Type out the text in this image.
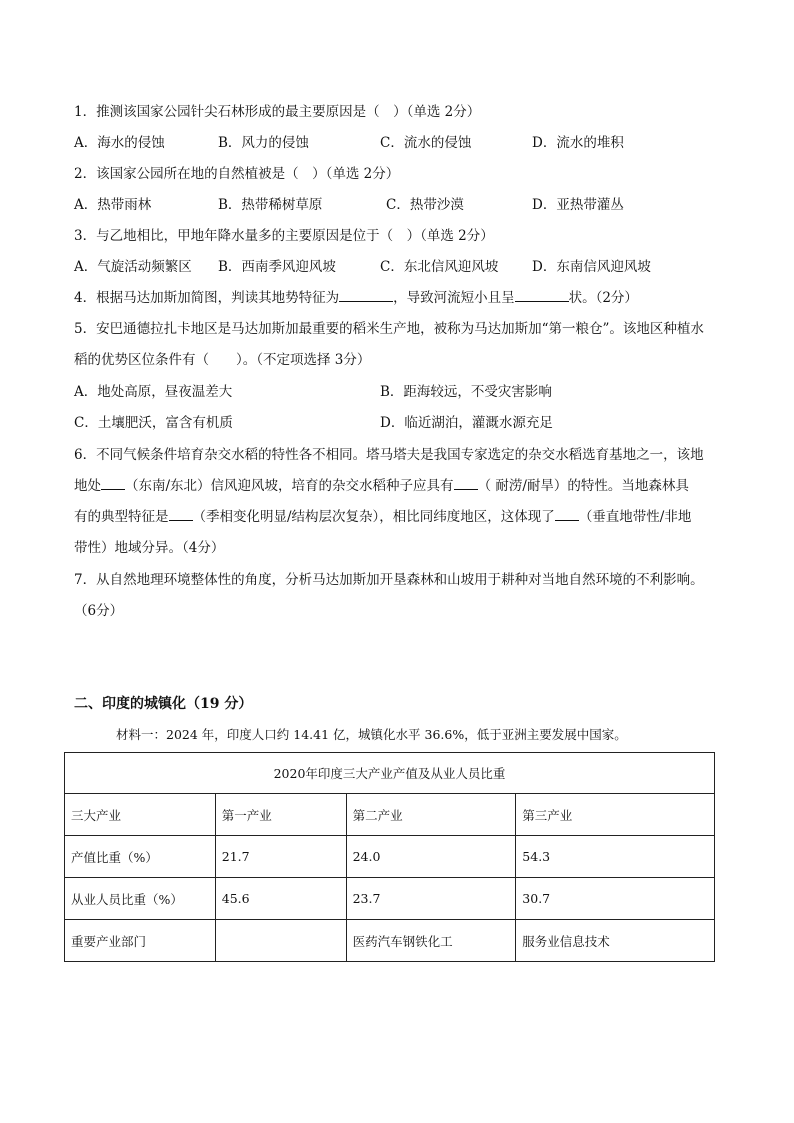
1．推测该国家公园针尖石林形成的最主要原因是（　）（单选 2分）
A．海水的侵蚀	B．风力的侵蚀	C．流水的侵蚀	D．流水的堆积
2．该国家公园所在地的自然植被是（　）（单选 2分）
A．热带雨林	B．热带稀树草原	C．热带沙漠	D．亚热带灌丛
3．与乙地相比，甲地年降水量多的主要原因是位于（　）（单选 2分）
A．气旋活动频繁区 B．西南季风迎风坡	C．东北信风迎风坡 D．东南信风迎风坡
4．根据马达加斯加简图，判读其地势特征为	，导致河流短小且呈	状。（2分）
5．安巴通德拉扎卡地区是马达加斯加最重要的稻米生产地，被称为马达加斯加“第一粮仓”。该地区种植水
稻的优势区位条件有（　　）。（不定项选择 3分）
A．地处高原，昼夜温差大	B．距海较远，不受灾害影响
C．土壤肥沃，富含有机质	D．临近湖泊，灌溉水源充足
6．不同气候条件培育杂交水稻的特性各不相同。塔马塔夫是我国专家选定的杂交水稻选育基地之一，该地
地处 （东南/东北）信风迎风坡，培育的杂交水稻种子应具有 （ 耐涝/耐旱）的特性。当地森林具
有的典型特征是 （季相变化明显/结构层次复杂），相比同纬度地区，这体现了 （垂直地带性/非地
带性）地域分异。（4分）
7．从自然地理环境整体性的角度，分析马达加斯加开垦森林和山坡用于耕种对当地自然环境的不利影响。
（6分）
二、印度的城镇化（19 分）
材料一：2024 年，印度人口约 14.41 亿，城镇化水平 36.6%，低于亚洲主要发展中国家。
2020年印度三大产业产值及从业人员比重			
三大产业	第一产业	第二产业	第三产业
产值比重（%）	21.7	24.0	54.3
从业人员比重（%）	45.6	23.7	30.7
重要产业部门		医药汽车钢铁化工	服务业信息技术
